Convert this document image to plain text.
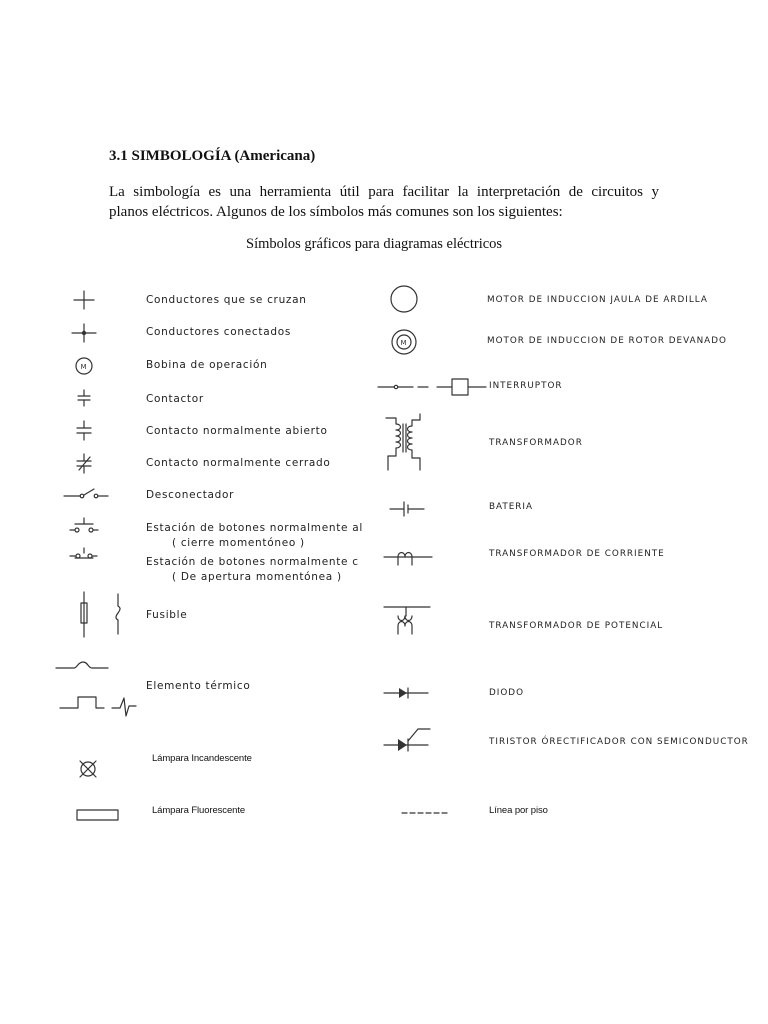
3.1 SIMBOLOGÍA (Americana)
La simbología es una herramienta útil para facilitar la interpretación de circuitos y
planos eléctricos. Algunos de los símbolos más comunes son los siguientes:
Símbolos gráficos para diagramas eléctricos
M
M
Conductores que se cruzan
Conductores conectados
Bobina de operación
Contactor
Contacto normalmente abierto
Contacto normalmente cerrado
Desconectador
Estación de botones normalmente al
( cierre momentóneo )
Estación de botones normalmente c
( De apertura momentónea )
Fusible
Elemento térmico
Lámpara Incandescente
Lámpara Fluorescente
MOTOR DE INDUCCION JAULA DE ARDILLA
MOTOR DE INDUCCION DE ROTOR DEVANADO
INTERRUPTOR
TRANSFORMADOR
BATERIA
TRANSFORMADOR DE CORRIENTE
TRANSFORMADOR DE POTENCIAL
DIODO
TIRISTOR ÓRECTIFICADOR CON SEMICONDUCTOR
Línea por piso
